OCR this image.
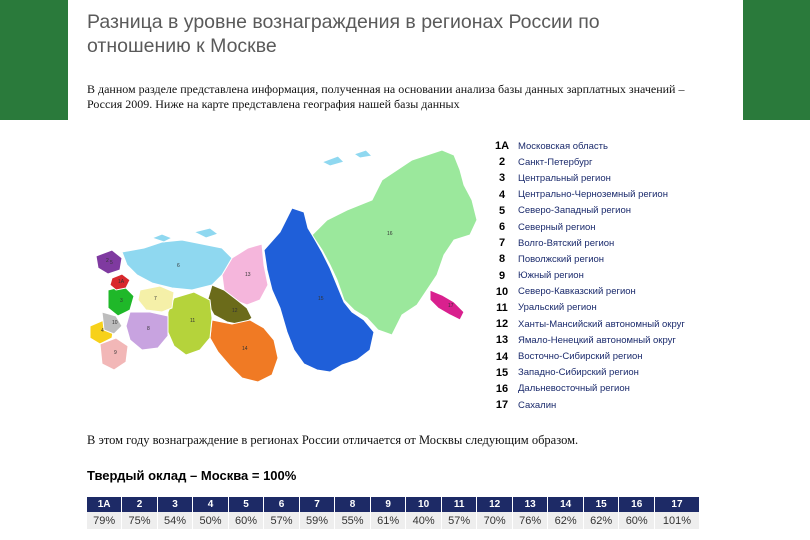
Разница в уровне вознаграждения в регионах России по отношению к Москве
В данном разделе представлена информация, полученная на основании анализа базы данных зарплатных значений – Россия 2009. Ниже на карте представлена география нашей базы данных
1A
2
3
4
5	6
7
8
9
10	11
12
13
14
15
16
17
1A Московская область
2	Санкт-Петербург
3	Центральный регион
4	Центрально-Черноземный регион
5	Северо-Западный регион
6	Северный регион
7	Волго-Вятский регион
8	Поволжский регион
9	Южный регион
10	Северо-Кавказский регион
11	Уральский регион
12	Ханты-Мансийский автономный округ
13	Ямало-Ненецкий автономный округ
14	Восточно-Сибирский регион
15	Западно-Сибирский регион
16	Дальневосточный регион
17	Сахалин
В этом году вознаграждение в регионах России отличается от Москвы следующим образом.
Твердый оклад – Москва = 100%
1A	2	3	4	5	6	7	8	9	10	11	12	13	14	15	16	17
79%	75%	54%	50%	60%	57%	59%	55%	61%	40%	57%	70%	76%	62%	62%	60%	101%
